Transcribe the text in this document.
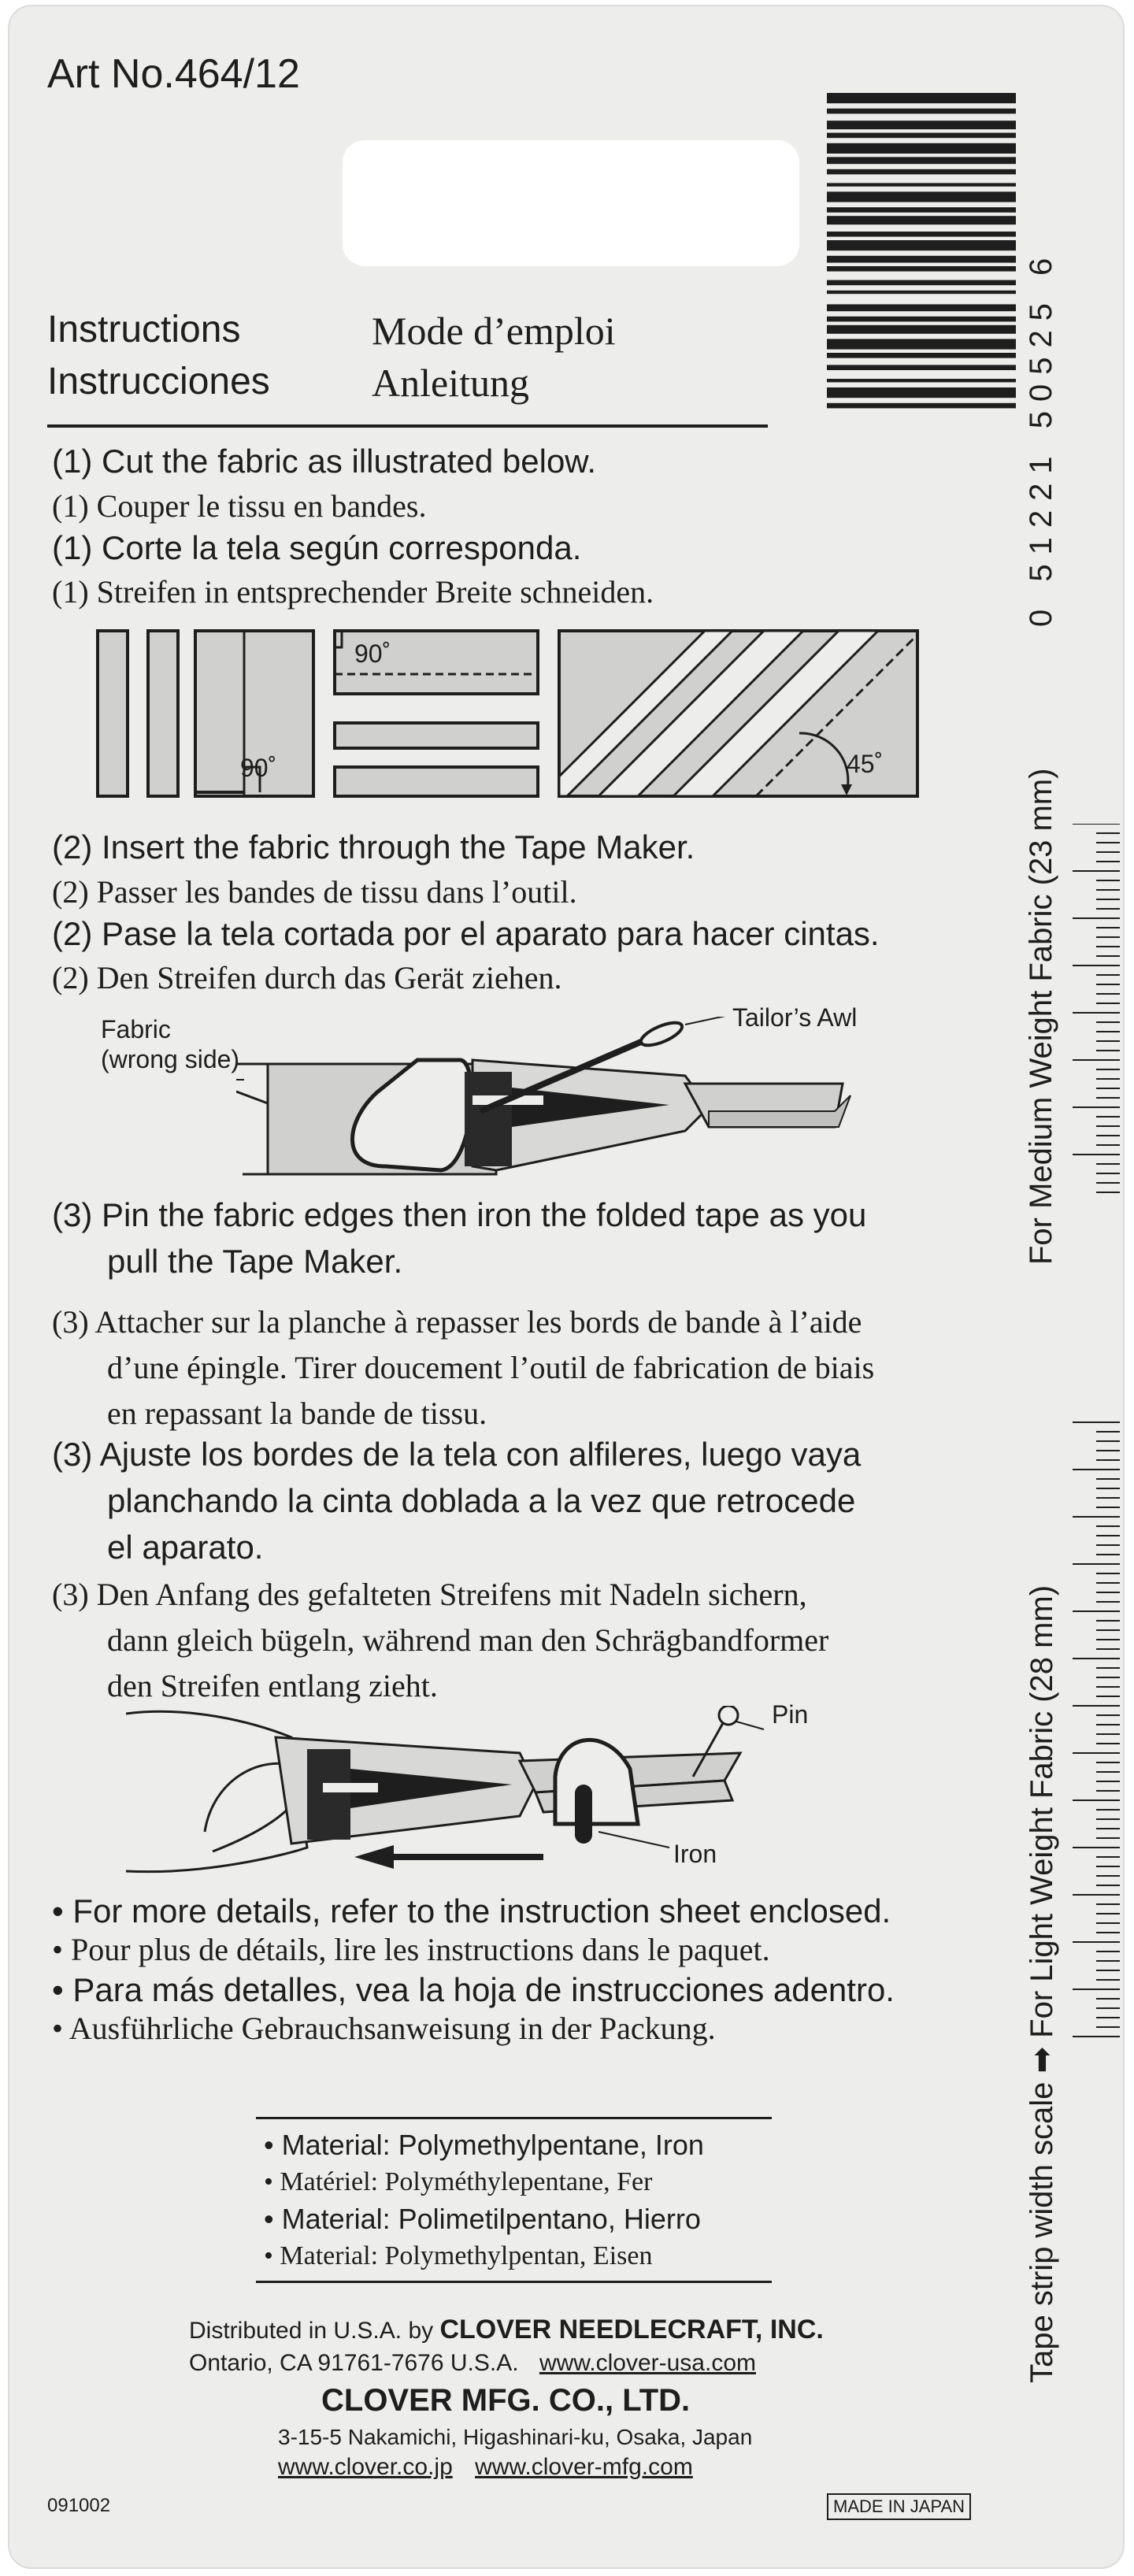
Art No.464/12
0 51221 50525 6
Instructions
Instrucciones
Mode d’emploi
Anleitung
(1) Cut the fabric as illustrated below.
(1) Couper le tissu en bandes.
(1) Corte la tela según corresponda.
(1) Streifen in entsprechender Breite schneiden.
90˚
90˚	45˚
(2) Insert the fabric through the Tape Maker.
(2) Passer les bandes de tissu dans l’outil.
(2) Pase la tela cortada por el aparato para hacer cintas.
(2) Den Streifen durch das Gerät ziehen.
Fabric
(wrong side)
Tailor’s Awl
(3) Pin the fabric edges then iron the folded tape as you
pull the Tape Maker.
(3) Attacher sur la planche à repasser les bords de bande à l’aide
d’une épingle. Tirer doucement l’outil de fabrication de biais
en repassant la bande de tissu.
(3) Ajuste los bordes de la tela con alfileres, luego vaya
planchando la cinta doblada a la vez que retrocede
el aparato.
(3) Den Anfang des gefalteten Streifens mit Nadeln sichern,
dann gleich bügeln, während man den Schrägbandformer
den Streifen entlang zieht.
Pin
Iron
• For more details, refer to the instruction sheet enclosed.
• Pour plus de détails, lire les instructions dans le paquet.
• Para más detalles, vea la hoja de instrucciones adentro.
• Ausführliche Gebrauchsanweisung in der Packung.
• Material: Polymethylpentane, Iron
• Matériel: Polyméthylepentane, Fer
• Material: Polimetilpentano, Hierro
• Material: Polymethylpentan, Eisen
Distributed in U.S.A. by CLOVER NEEDLECRAFT, INC.
Ontario, CA 91761-7676 U.S.A. www.clover-usa.com
CLOVER MFG. CO., LTD.
3-15-5 Nakamichi, Higashinari-ku, Osaka, Japan
www.clover.co.jp www.clover-mfg.com
091002	MADE IN JAPAN
For Medium Weight Fabric (23 mm)
Tape strip width scale ➡ For Light Weight Fabric (28 mm)
